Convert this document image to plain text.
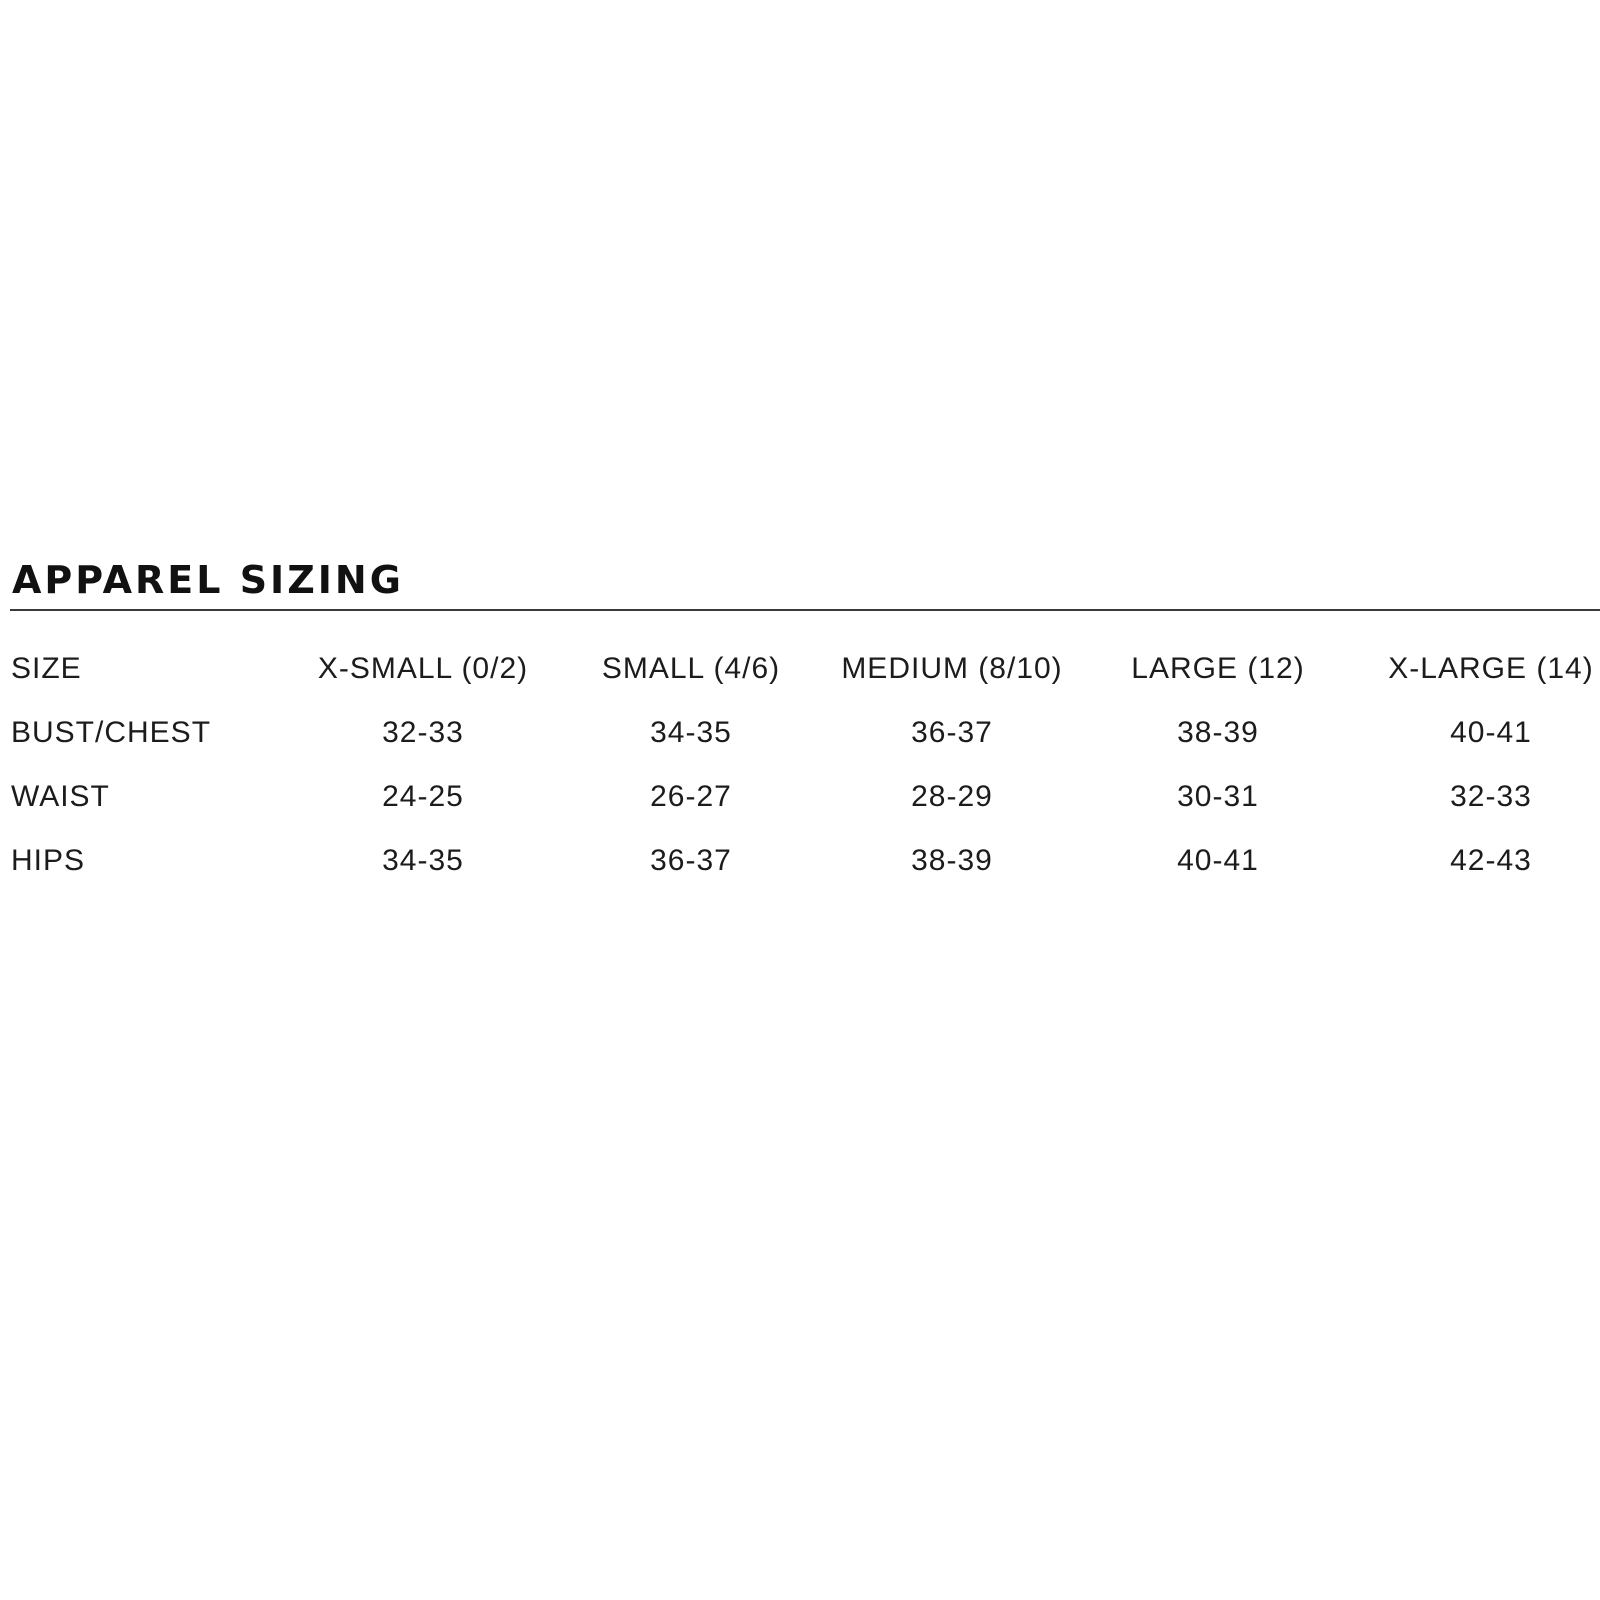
APPAREL SIZING
SIZE	X-SMALL (0/2)	SMALL (4/6)	MEDIUM (8/10)	LARGE (12)	X-LARGE (14)
BUST/CHEST	32-33	34-35	36-37	38-39	40-41
WAIST	24-25	26-27	28-29	30-31	32-33
HIPS	34-35	36-37	38-39	40-41	42-43
